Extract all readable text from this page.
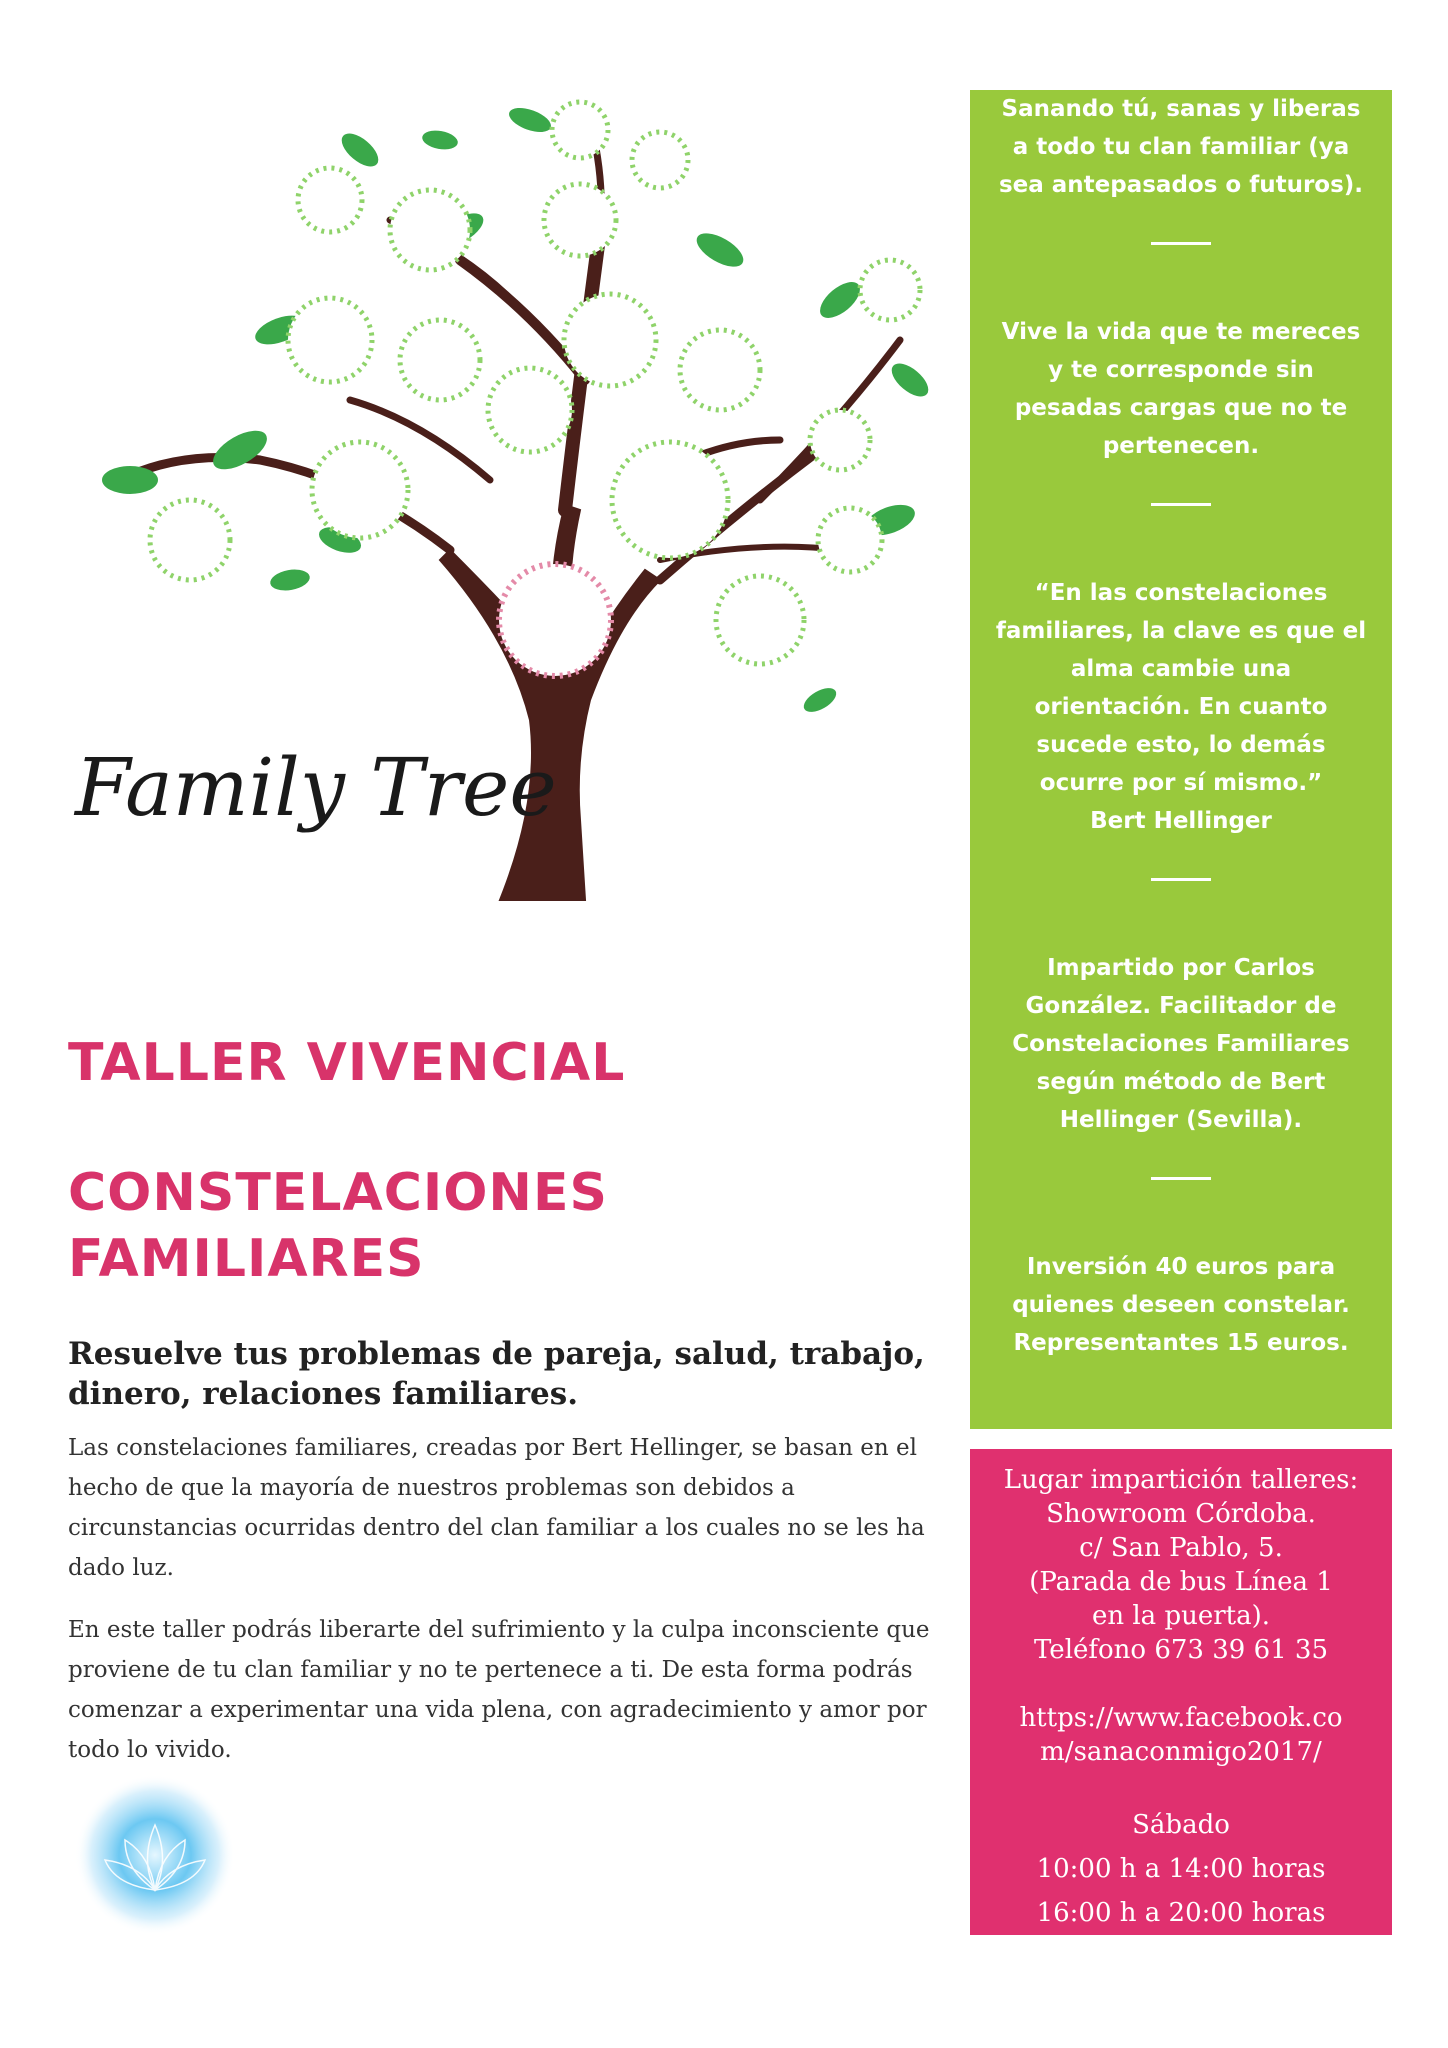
Family Tree

Sanando tú, sanas y liberas a todo tu clan familiar (ya sea antepasados o futuros).

Vive la vida que te mereces y te corresponde sin pesadas cargas que no te pertenecen.

“En las constelaciones familiares, la clave es que el alma cambie una orientación. En cuanto sucede esto, lo demás ocurre por sí mismo.”

Bert Hellinger

Impartido por Carlos González. Facilitador de Constelaciones Familiares según método de Bert Hellinger (Sevilla).

Inversión 40 euros para quienes deseen constelar. Representantes 15 euros.

Lugar impartición talleres:

Showroom Córdoba.

c/ San Pablo, 5.

(Parada de bus Línea 1

en la puerta).

Teléfono 673 39 61 35

https://www.facebook.co

m/sanaconmigo2017/

Sábado

10:00 h a 14:00 horas

16:00 h a 20:00 horas

TALLER VIVENCIAL
CONSTELACIONES
FAMILIARES

Resuelve tus problemas de pareja, salud, trabajo, dinero, relaciones familiares.

Las constelaciones familiares, creadas por Bert Hellinger, se basan en el hecho de que la mayoría de nuestros problemas son debidos a circunstancias ocurridas dentro del clan familiar a los cuales no se les ha dado luz.

En este taller podrás liberarte del sufrimiento y la culpa inconsciente que proviene de tu clan familiar y no te pertenece a ti. De esta forma podrás comenzar a experimentar una vida plena, con agradecimiento y amor por todo lo vivido.
